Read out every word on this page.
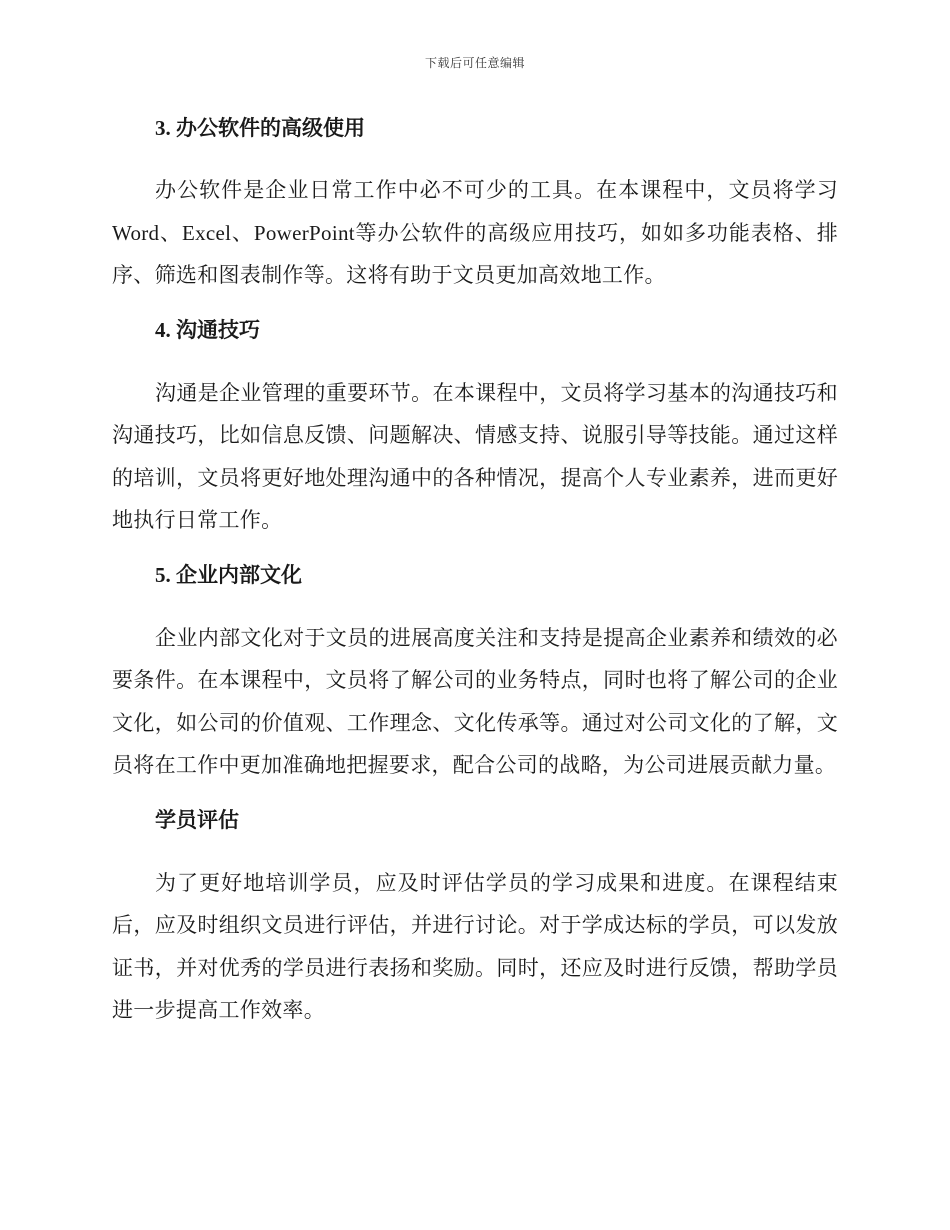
下载后可任意编辑
3. 办公软件的高级使用

办公软件是企业日常工作中必不可少的工具。在本课程中，文员将学习Word、Excel、PowerPoint等办公软件的高级应用技巧，如如多功能表格、排序、筛选和图表制作等。这将有助于文员更加高效地工作。

4. 沟通技巧

沟通是企业管理的重要环节。在本课程中，文员将学习基本的沟通技巧和沟通技巧，比如信息反馈、问题解决、情感支持、说服引导等技能。通过这样的培训，文员将更好地处理沟通中的各种情况，提高个人专业素养，进而更好地执行日常工作。

5. 企业内部文化

企业内部文化对于文员的进展高度关注和支持是提高企业素养和绩效的必要条件。在本课程中，文员将了解公司的业务特点，同时也将了解公司的企业文化，如公司的价值观、工作理念、文化传承等。通过对公司文化的了解，文员将在工作中更加准确地把握要求，配合公司的战略，为公司进展贡献力量。

学员评估

为了更好地培训学员，应及时评估学员的学习成果和进度。在课程结束后，应及时组织文员进行评估，并进行讨论。对于学成达标的学员，可以发放证书，并对优秀的学员进行表扬和奖励。同时，还应及时进行反馈，帮助学员进一步提高工作效率。
